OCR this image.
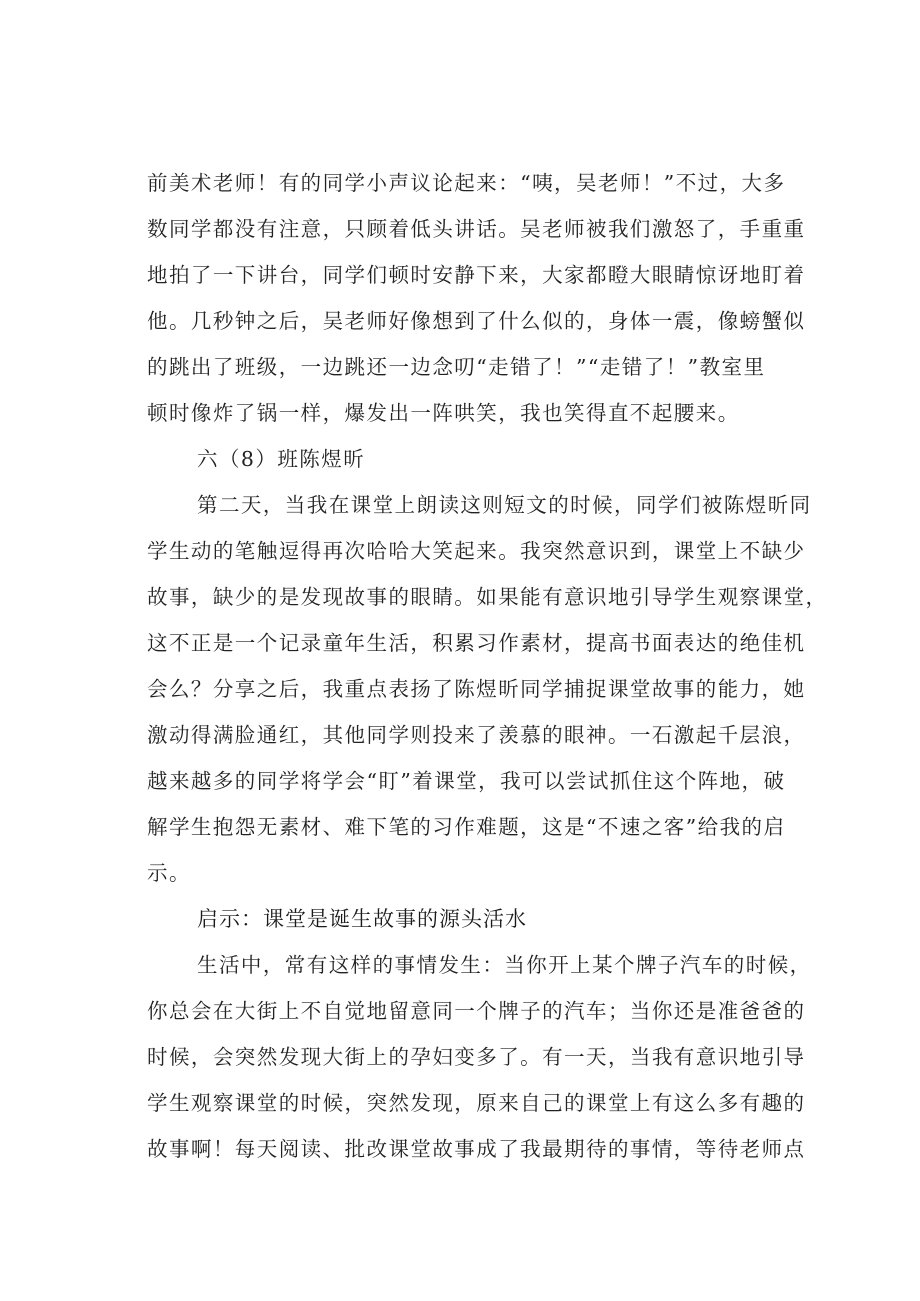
前美术老师！有的同学小声议论起来：“咦，吴老师！”不过，大多
数同学都没有注意，只顾着低头讲话。吴老师被我们激怒了，手重重
地拍了一下讲台，同学们顿时安静下来，大家都瞪大眼睛惊讶地盯着
他。几秒钟之后，吴老师好像想到了什么似的，身体一震，像螃蟹似
的跳出了班级，一边跳还一边念叨“走错了！”“走错了！”教室里
顿时像炸了锅一样，爆发出一阵哄笑，我也笑得直不起腰来。
六（8）班陈煜昕
第二天，当我在课堂上朗读这则短文的时候，同学们被陈煜昕同
学生动的笔触逗得再次哈哈大笑起来。我突然意识到，课堂上不缺少
故事，缺少的是发现故事的眼睛。如果能有意识地引导学生观察课堂，
这不正是一个记录童年生活，积累习作素材，提高书面表达的绝佳机
会么？分享之后，我重点表扬了陈煜昕同学捕捉课堂故事的能力，她
激动得满脸通红，其他同学则投来了羡慕的眼神。一石激起千层浪，
越来越多的同学将学会“盯”着课堂，我可以尝试抓住这个阵地，破
解学生抱怨无素材、难下笔的习作难题，这是“不速之客”给我的启
示。
启示：课堂是诞生故事的源头活水
生活中，常有这样的事情发生：当你开上某个牌子汽车的时候，
你总会在大街上不自觉地留意同一个牌子的汽车；当你还是准爸爸的
时候，会突然发现大街上的孕妇变多了。有一天，当我有意识地引导
学生观察课堂的时候，突然发现，原来自己的课堂上有这么多有趣的
故事啊！每天阅读、批改课堂故事成了我最期待的事情，等待老师点
